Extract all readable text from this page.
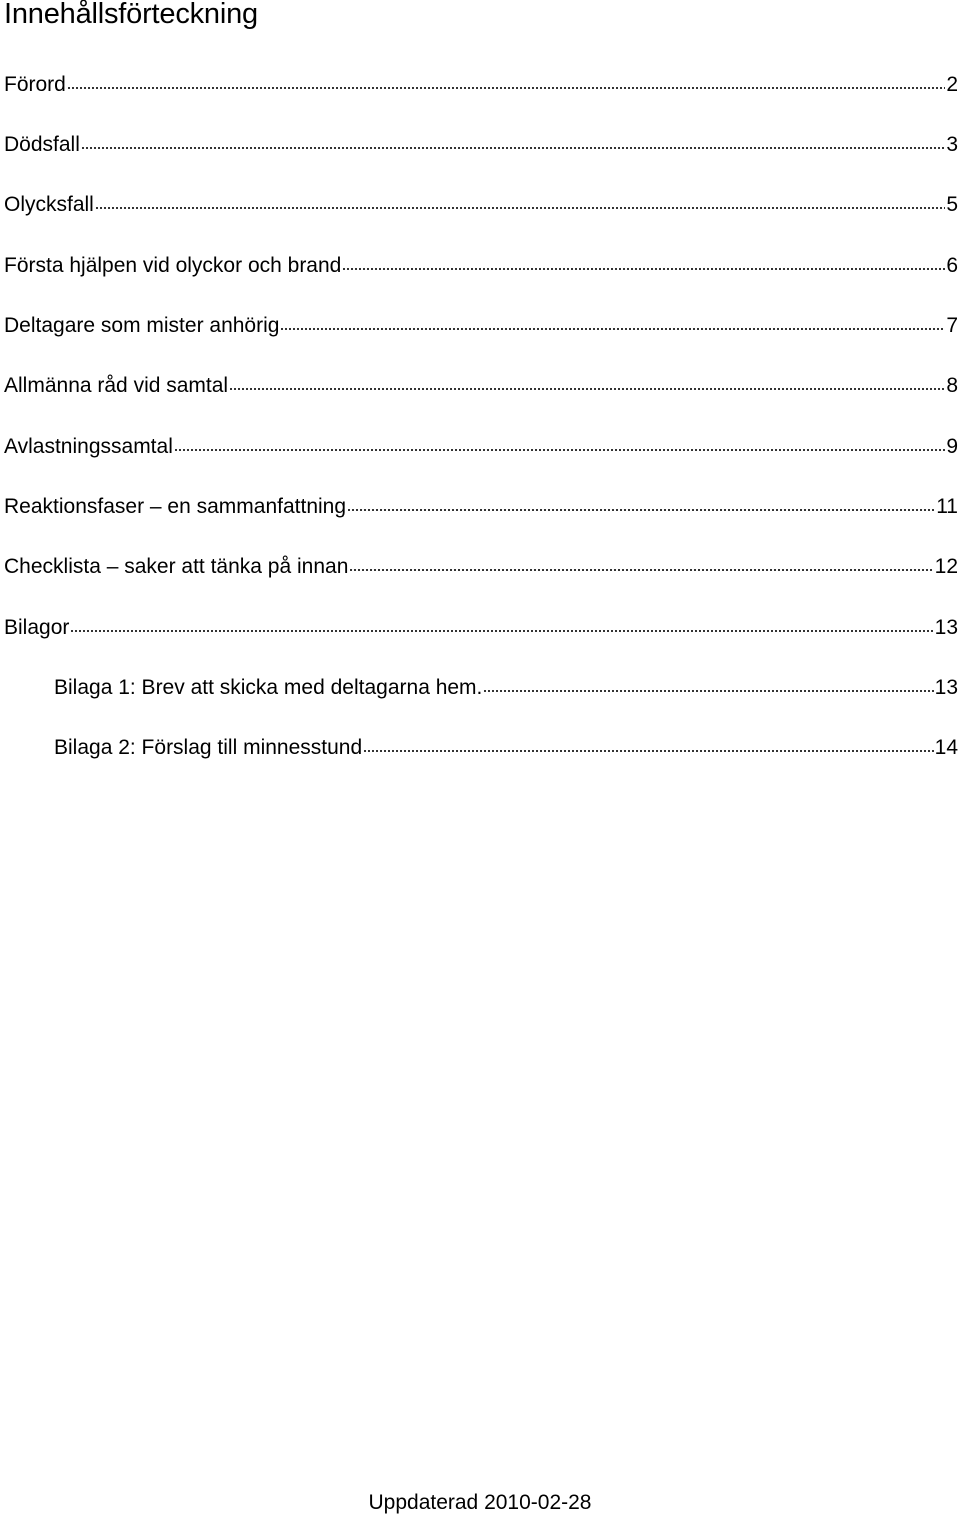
Innehållsförteckning
Förord	2
Dödsfall	3
Olycksfall	5
Första hjälpen vid olyckor och brand	6
Deltagare som mister anhörig	7
Allmänna råd vid samtal	8
Avlastningssamtal	9
Reaktionsfaser – en sammanfattning	11
Checklista – saker att tänka på innan	12
Bilagor	13
Bilaga 1: Brev att skicka med deltagarna hem.	13
Bilaga 2: Förslag till minnesstund	14
Uppdaterad 2010-02-28
